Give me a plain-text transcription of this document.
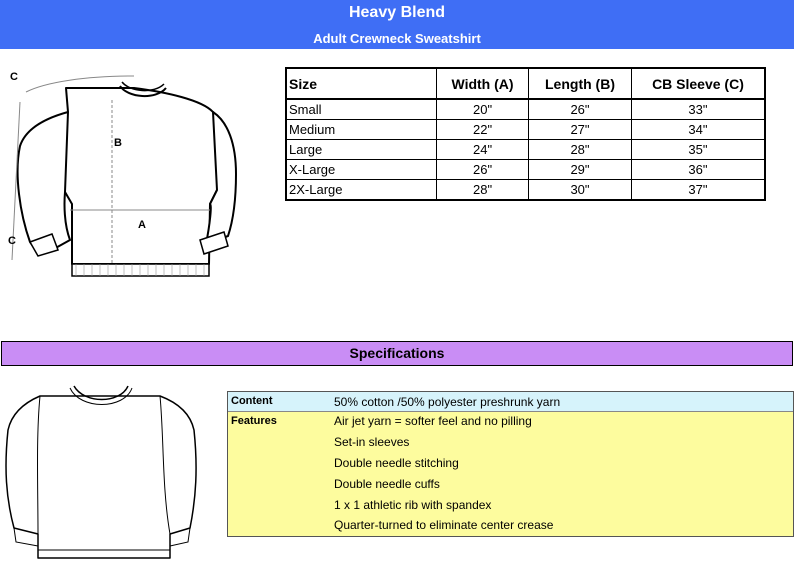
Heavy Blend
Adult Crewneck Sweatshirt
B
A
C
C
Size	Width (A)	Length (B)	CB Sleeve (C)
Small	20"	26"	33"
Medium	22"	27"	34"
Large	24"	28"	35"
X-Large	26"	29"	36"
2X-Large	28"	30"	37"
Specifications
Content	50% cotton /50% polyester preshrunk yarn
Features	Air jet yarn = softer feel and no pilling
Set-in sleeves
Double needle stitching
Double needle cuffs
1 x 1 athletic rib with spandex
Quarter-turned to eliminate center crease
